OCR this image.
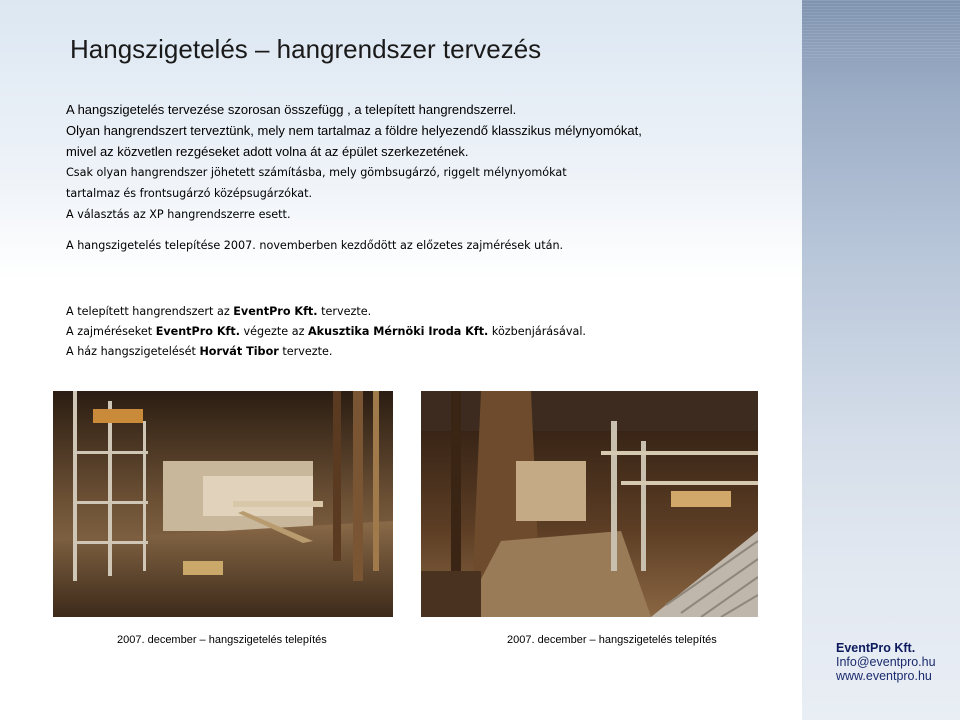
Hangszigetelés – hangrendszer tervezés
A hangszigetelés tervezése szorosan összefügg , a telepített hangrendszerrel.
Olyan hangrendszert terveztünk, mely nem tartalmaz a földre helyezendő klasszikus mélynyomókat,
mivel az közvetlen rezgéseket adott volna át az épület szerkezetének.
Csak olyan hangrendszer jöhetett számításba, mely gömbsugárzó, riggelt mélynyomókat
tartalmaz és frontsugárzó középsugárzókat.
A választás az XP hangrendszerre esett.
A hangszigetelés telepítése 2007. novemberben kezdődött az előzetes zajmérések után.
A telepített hangrendszert az EventPro Kft. tervezte.
A zajméréseket EventPro Kft. végezte az Akusztika Mérnöki Iroda Kft. közbenjárásával.
A ház hangszigetelését Horvát Tibor tervezte.
2007. december – hangszigetelés telepítés	2007. december – hangszigetelés telepítés
EventPro Kft.
Info@eventpro.hu
www.eventpro.hu
